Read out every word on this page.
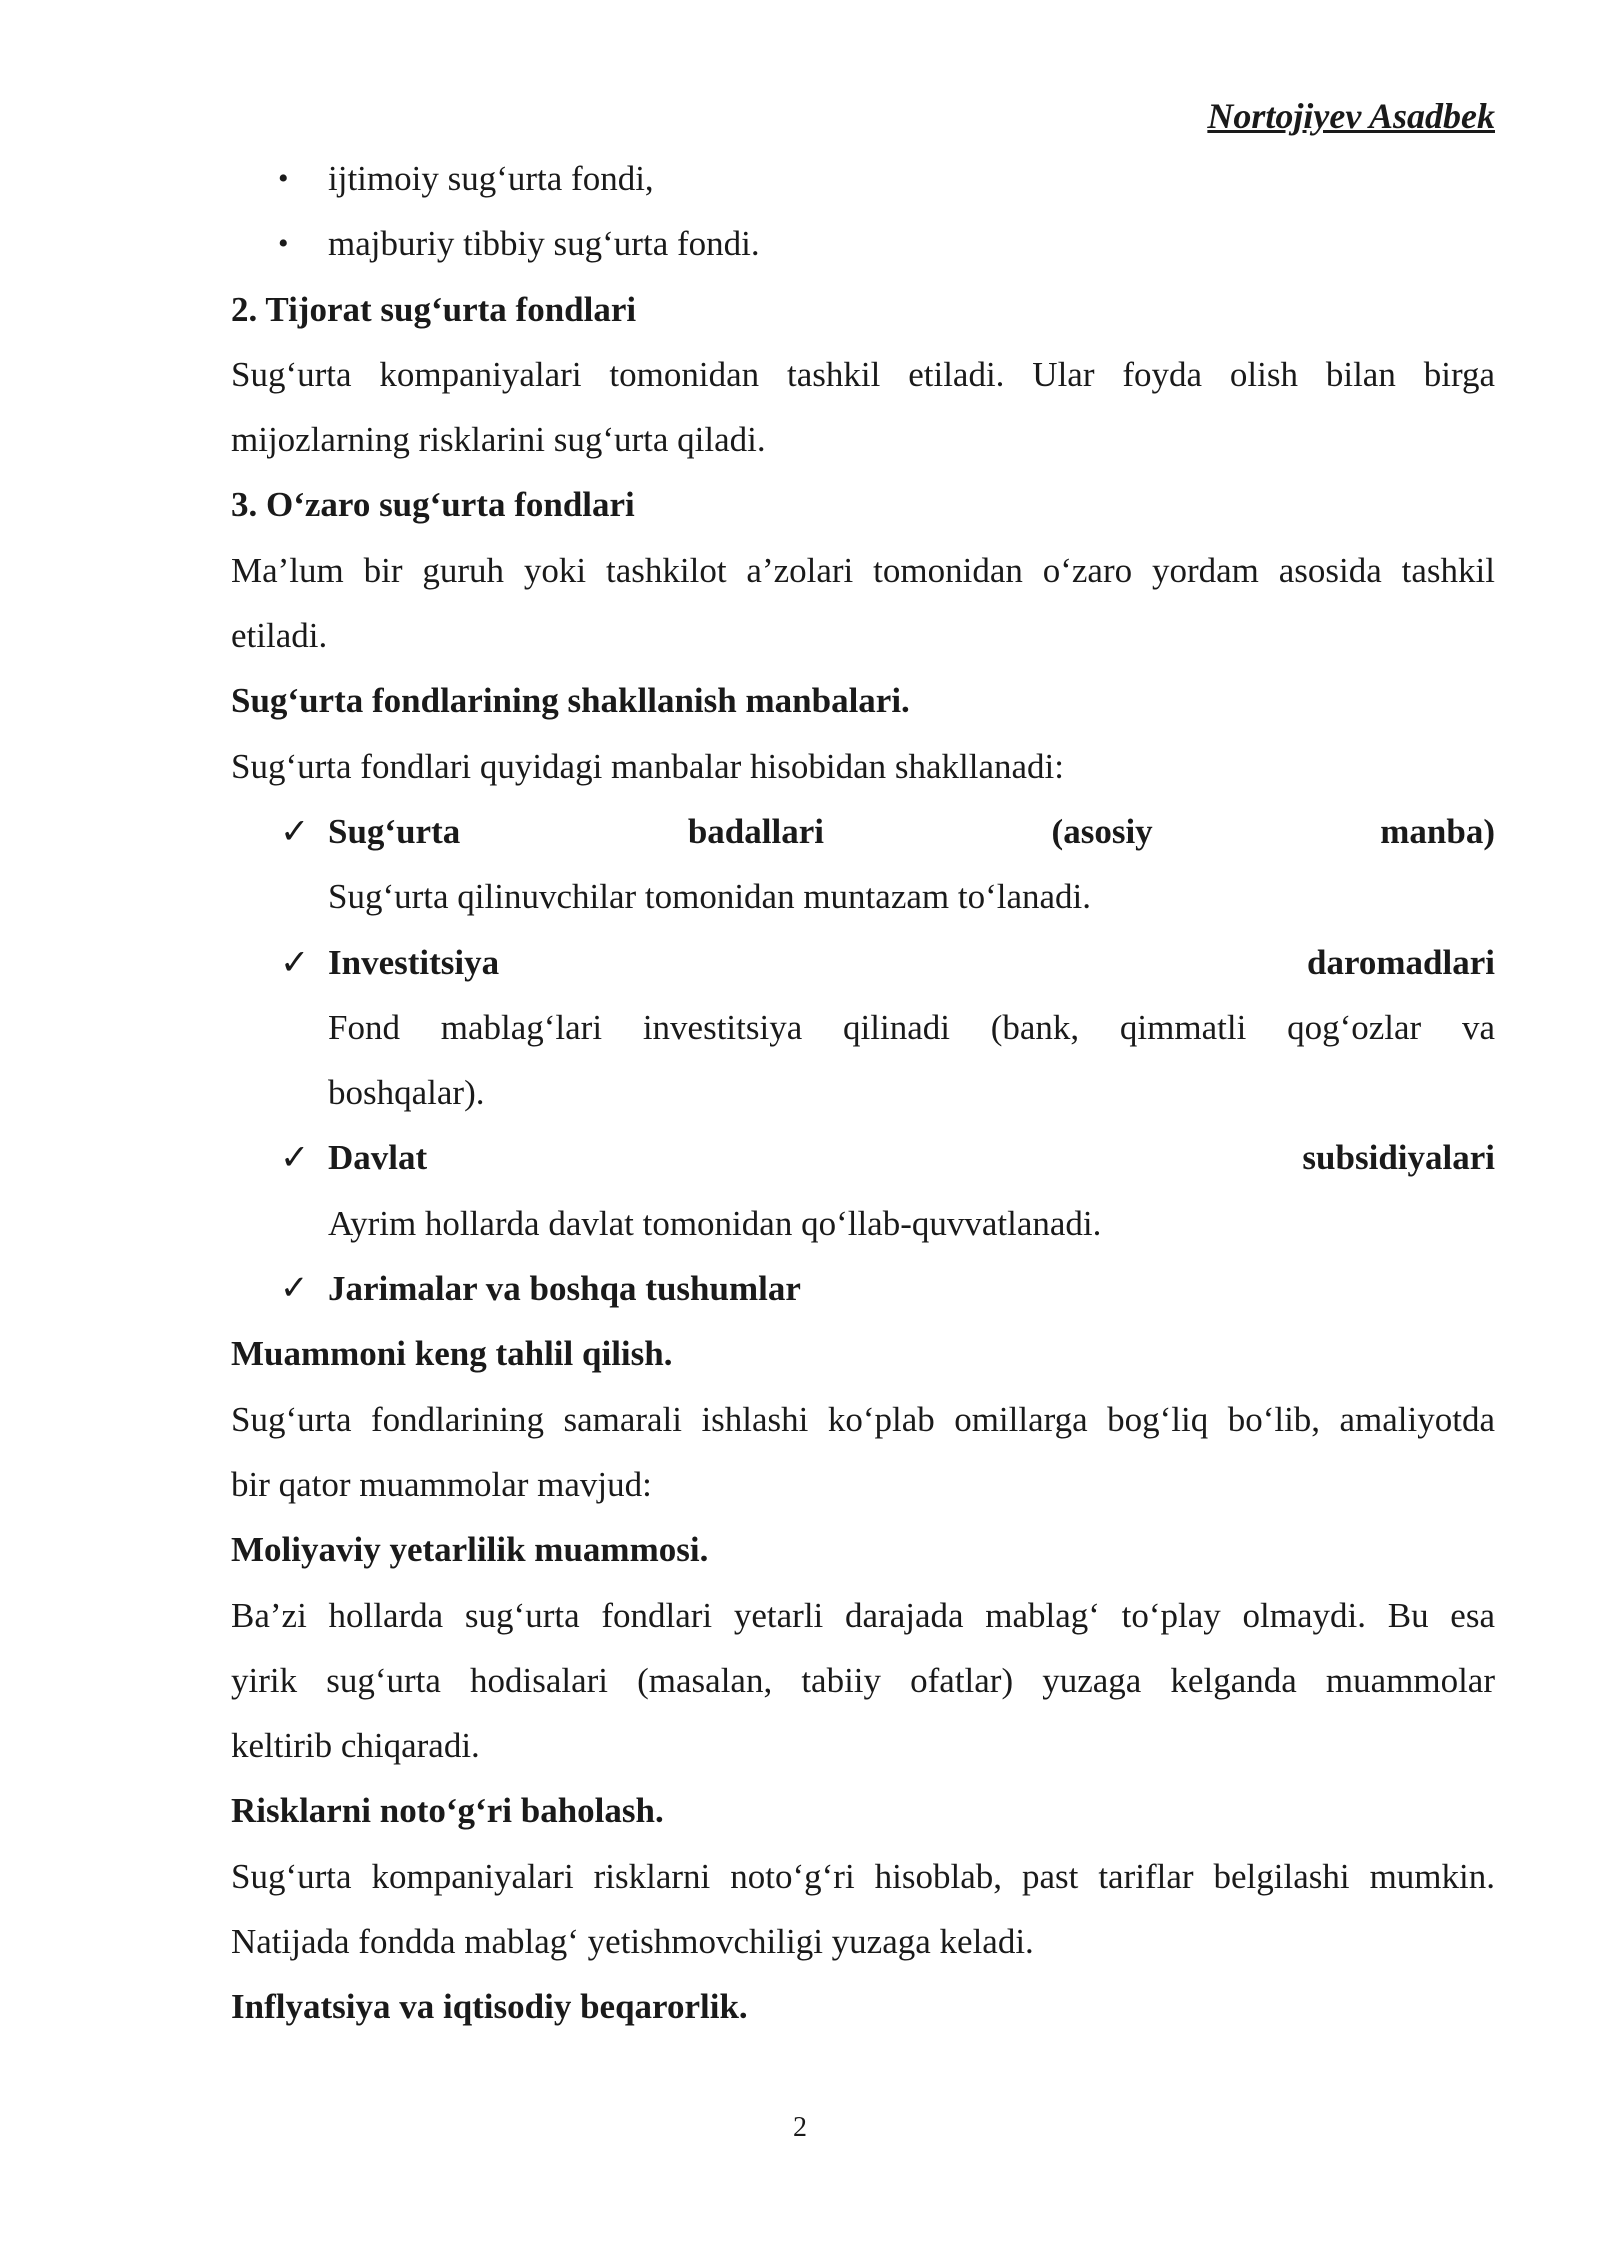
Nortojiyev Asadbek
• ijtimoiy sug‘urta fondi,
• majburiy tibbiy sug‘urta fondi.
2. Tijorat sug‘urta fondlari
Sug‘urta kompaniyalari tomonidan tashkil etiladi. Ular foyda olish bilan birga
mijozlarning risklarini sug‘urta qiladi.
3. O‘zaro sug‘urta fondlari
Ma’lum bir guruh yoki tashkilot a’zolari tomonidan o‘zaro yordam asosida tashkil
etiladi.
Sug‘urta fondlarining shakllanish manbalari.
Sug‘urta fondlari quyidagi manbalar hisobidan shakllanadi:
✓ Sug‘urta	badallari	(asosiy	manba)
Sug‘urta qilinuvchilar tomonidan muntazam to‘lanadi.
✓ Investitsiya	daromadlari
Fond mablag‘lari investitsiya qilinadi (bank, qimmatli qog‘ozlar va
boshqalar).
✓ Davlat	subsidiyalari
Ayrim hollarda davlat tomonidan qo‘llab-quvvatlanadi.
✓ Jarimalar va boshqa tushumlar
Muammoni keng tahlil qilish.
Sug‘urta fondlarining samarali ishlashi ko‘plab omillarga bog‘liq bo‘lib, amaliyotda
bir qator muammolar mavjud:
Moliyaviy yetarlilik muammosi.
Ba’zi hollarda sug‘urta fondlari yetarli darajada mablag‘ to‘play olmaydi. Bu esa
yirik sug‘urta hodisalari (masalan, tabiiy ofatlar) yuzaga kelganda muammolar
keltirib chiqaradi.
Risklarni noto‘g‘ri baholash.
Sug‘urta kompaniyalari risklarni noto‘g‘ri hisoblab, past tariflar belgilashi mumkin.
Natijada fondda mablag‘ yetishmovchiligi yuzaga keladi.
Inflyatsiya va iqtisodiy beqarorlik.
2
